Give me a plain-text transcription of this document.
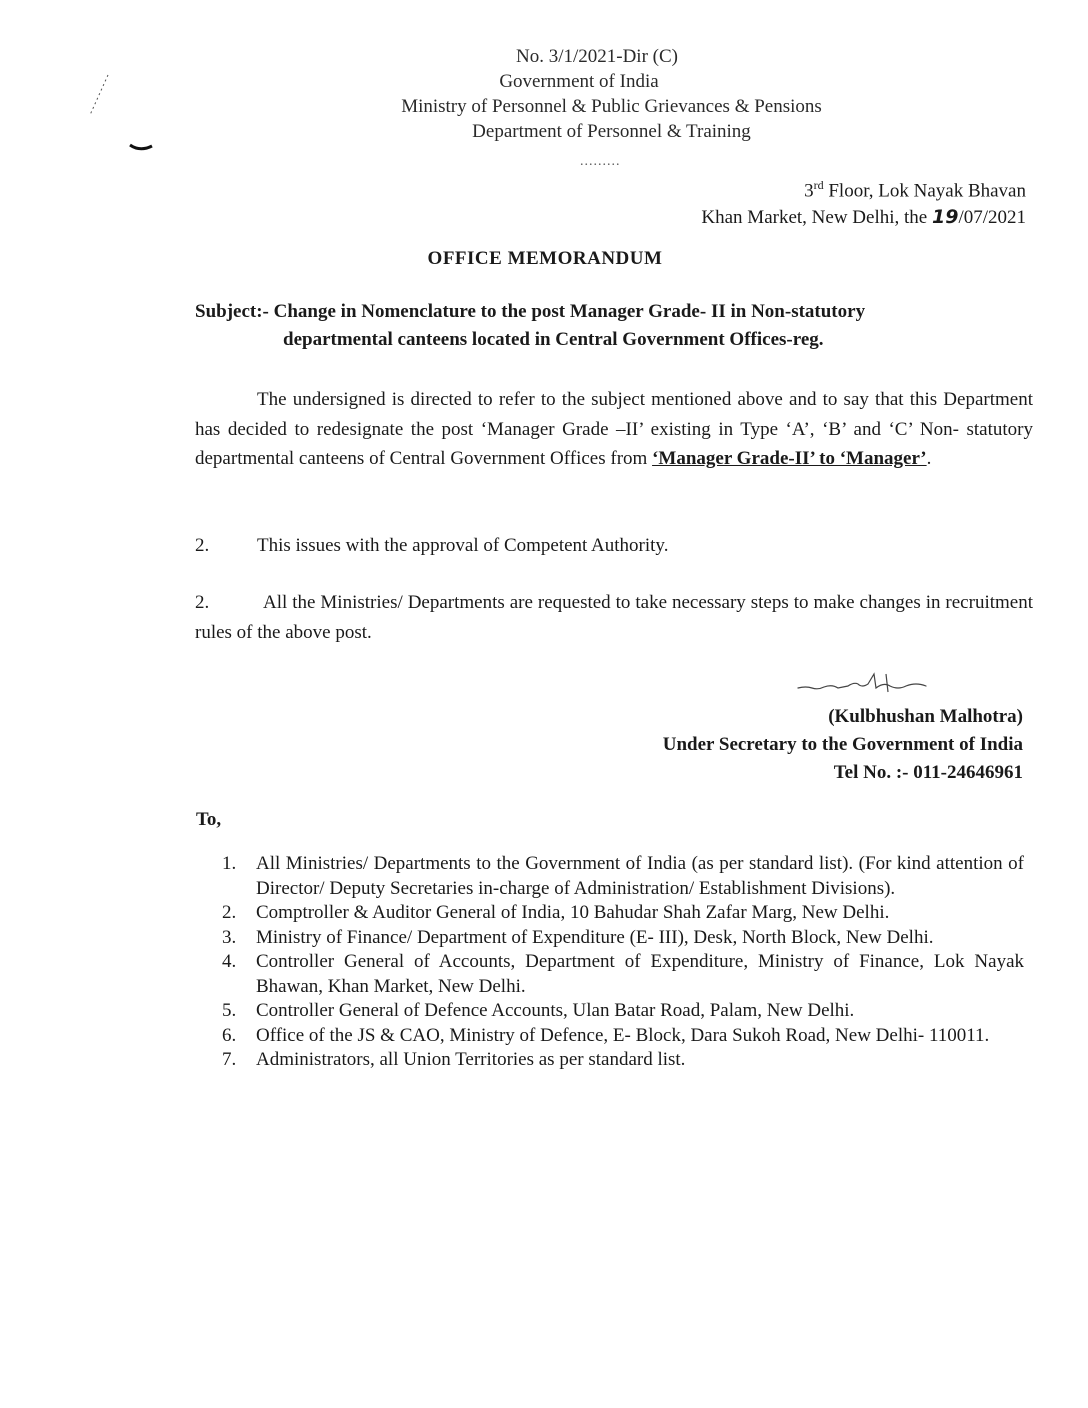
No. 3/1/2021-Dir (C)
Government of India
Ministry of Personnel & Public Grievances & Pensions
Department of Personnel & Training
.........
3rd Floor, Lok Nayak Bhavan
Khan Market, New Delhi, the 19/07/2021
OFFICE MEMORANDUM
Subject:- Change in Nomenclature to the post Manager Grade- II in Non-statutory
departmental canteens located in Central Government Offices-reg.
The undersigned is directed to refer to the subject mentioned above and to say that this Department has decided to redesignate the post ‘Manager Grade –II’ existing in Type ‘A’, ‘B’ and ‘C’ Non- statutory departmental canteens of Central Government Offices from ‘Manager Grade-II’ to ‘Manager’.
2.	This issues with the approval of Competent Authority.
2.	All the Ministries/ Departments are requested to take necessary steps to make changes in recruitment rules of the above post.
(Kulbhushan Malhotra)
Under Secretary to the Government of India
Tel No. :- 011-24646961
To,
1. All Ministries/ Departments to the Government of India (as per standard list). (For kind attention of Director/ Deputy Secretaries in-charge of Administration/ Establishment Divisions).
2. Comptroller & Auditor General of India, 10 Bahudar Shah Zafar Marg, New Delhi.
3. Ministry of Finance/ Department of Expenditure (E- III), Desk, North Block, New Delhi.
4. Controller General of Accounts, Department of Expenditure, Ministry of Finance, Lok Nayak Bhawan, Khan Market, New Delhi.
5. Controller General of Defence Accounts, Ulan Batar Road, Palam, New Delhi.
6. Office of the JS & CAO, Ministry of Defence, E- Block, Dara Sukoh Road, New Delhi- 110011.
7. Administrators, all Union Territories as per standard list.
